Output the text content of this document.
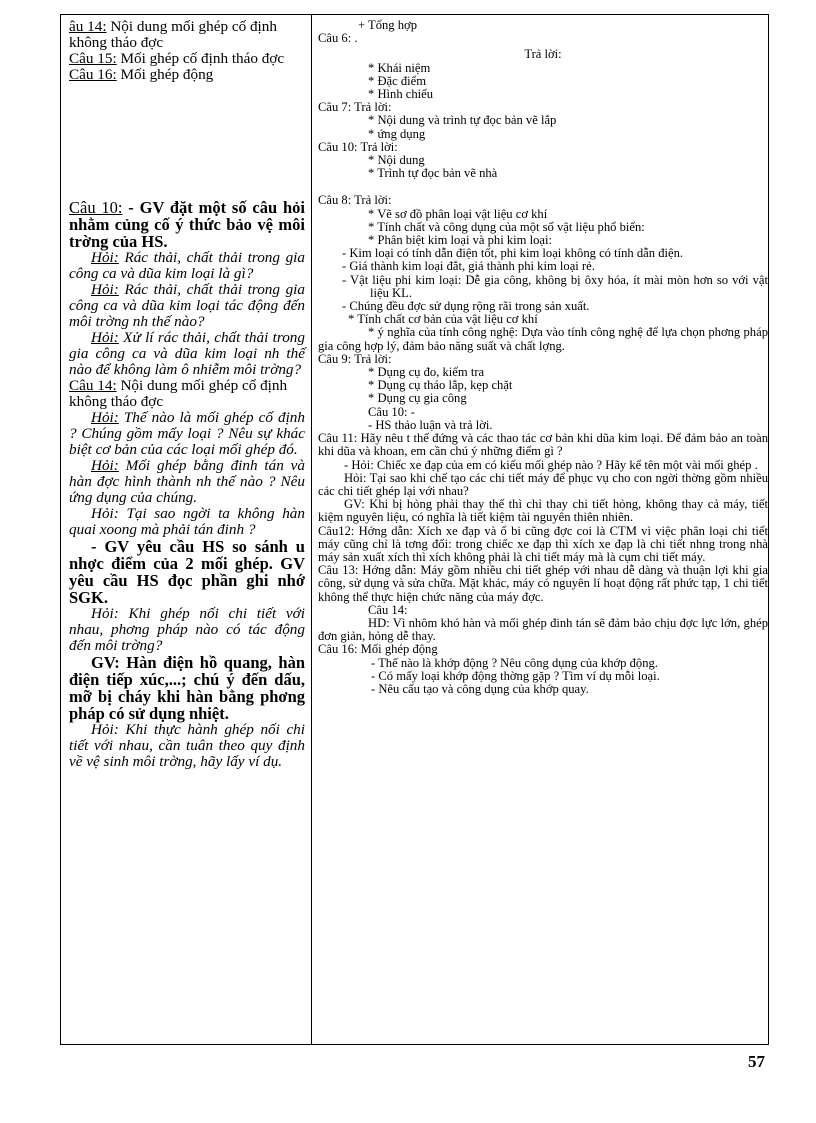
âu 14: Nội dung mối ghép cố định không tháo đợc

Câu 15: Mối ghép cố định tháo đợc

Câu 16: Mối ghép động

Câu 10: - GV đặt một số câu hỏi nhằm củng cố ý thức bảo vệ môi trờng của HS.

Hỏi: Rác thải, chất thải trong gia công ca và dũa kim loại là gì?

Hỏi: Rác thải, chất thải trong gia công ca và dũa kim loại tác động đến môi trờng nh thế nào?

Hỏi: Xử lí rác thải, chất thải trong gia công ca và dũa kim loại nh thế nào để không làm ô nhiễm môi trờng?

Câu 14: Nội dung mối ghép cố định không tháo đợc

Hỏi: Thế nào là mối ghép cố định ? Chúng gồm mấy loại ? Nêu sự khác biệt cơ bản của các loại mối ghép đó.

Hỏi: Mối ghép bằng đinh tán và hàn đợc hình thành nh thế nào ? Nêu ứng dụng của chúng.

Hỏi: Tại sao ngời ta không hàn quai xoong mà phải tán đinh ?

- GV yêu cầu HS so sánh u nhợc điểm của 2 mối ghép. GV yêu cầu HS đọc phần ghi nhớ SGK.

Hỏi: Khi ghép nối chi tiết với nhau, phơng pháp nào có tác động đến môi trờng?

GV: Hàn điện hồ quang, hàn điện tiếp xúc,...; chú ý đến dấu, mỡ bị cháy khi hàn bằng phơng pháp có sử dụng nhiệt.

Hỏi: Khi thực hành ghép nối chi tiết với nhau, cần tuân theo quy định về vệ sinh môi trờng, hãy lấy ví dụ.

+ Tổng hợp

Câu 6: .

Trả lời:

* Khái niệm

* Đặc điểm

* Hình chiếu

Câu 7: Trả lời:

* Nội dung và trình tự đọc bản vẽ lắp

* ứng dụng

Câu 10: Trả lời:

* Nội dung

* Trình tự đọc bản vẽ nhà

Câu 8: Trả lời:

* Vẽ sơ đồ phân loại vật liệu cơ khí

* Tính chất và công dụng của một số vật liệu phổ biến:

* Phân biệt kim loại và phi kim loại:

- Kim loại có tính dẫn điện tốt, phi kim loại không có tính dẫn điện.

- Giá thành kim loại đắt, giá thành phi kim loại rẻ.

- Vật liệu phi kim loại: Dễ gia công, không bị ôxy hóa, ít mài mòn hơn so với vật liệu KL.

- Chúng đều đợc sử dụng rộng rãi trong sản xuất.

* Tính chất cơ bản của vật liệu cơ khí

* ý nghĩa của tính công nghệ: Dựa vào tính công nghệ để lựa chọn phơng pháp gia công hợp lý, đảm bảo năng suất và chất lợng.

Câu 9: Trả lời:

* Dụng cụ đo, kiểm tra

* Dụng cụ tháo lắp, kẹp chặt

* Dụng cụ gia công

Câu 10: -

- HS thảo luận và trả lời.

Câu 11: Hãy nêu t thế đứng và các thao tác cơ bản khi dũa kim loại. Để đảm bảo an toàn khi dũa và khoan, em cần chú ý những điểm gì ?

- Hỏi: Chiếc xe đạp của em có kiểu mối ghép nào ? Hãy kể tên một vài mối ghép .

Hỏi: Tại sao khi chế tạo các chi tiết máy để phục vụ cho con ngời thờng gồm nhiều các chi tiết ghép lại với nhau?

GV: Khi bị hỏng phải thay thế thì chỉ thay chi tiết hỏng, không thay cả máy, tiết kiệm nguyên liệu, có nghĩa là tiết kiệm tài nguyên thiên nhiên.

Câu12: Hớng dẫn: Xích xe đạp và ổ bi cũng đợc coi là CTM vì việc phân loại chi tiết máy cũng chỉ là tơng đối: trong chiếc xe đạp thì xích xe đạp là chi tiết nhng trong nhà máy sản xuất xích thì xích không phải là chi tiết máy mà là cụm chi tiết máy.

Câu 13: Hớng dẫn: Máy gồm nhiều chi tiết ghép với nhau dễ dàng và thuận lợi khi gia công, sử dụng và sửa chữa. Mặt khác, máy có nguyên lí hoạt động rất phức tạp, 1 chi tiết không thể thực hiện chức năng của máy đợc.

Câu 14:

HD: Vì nhôm khó hàn và mối ghép đinh tán sẽ đảm bảo chịu đợc lực lớn, ghép đơn giản, hỏng dễ thay.

Câu 16: Mối ghép động

- Thế nào là khớp động ? Nêu công dụng của khớp động.

- Có mấy loại khớp động thờng gặp ? Tìm ví dụ mỗi loại.

- Nêu cấu tạo và công dụng của khớp quay.

57
